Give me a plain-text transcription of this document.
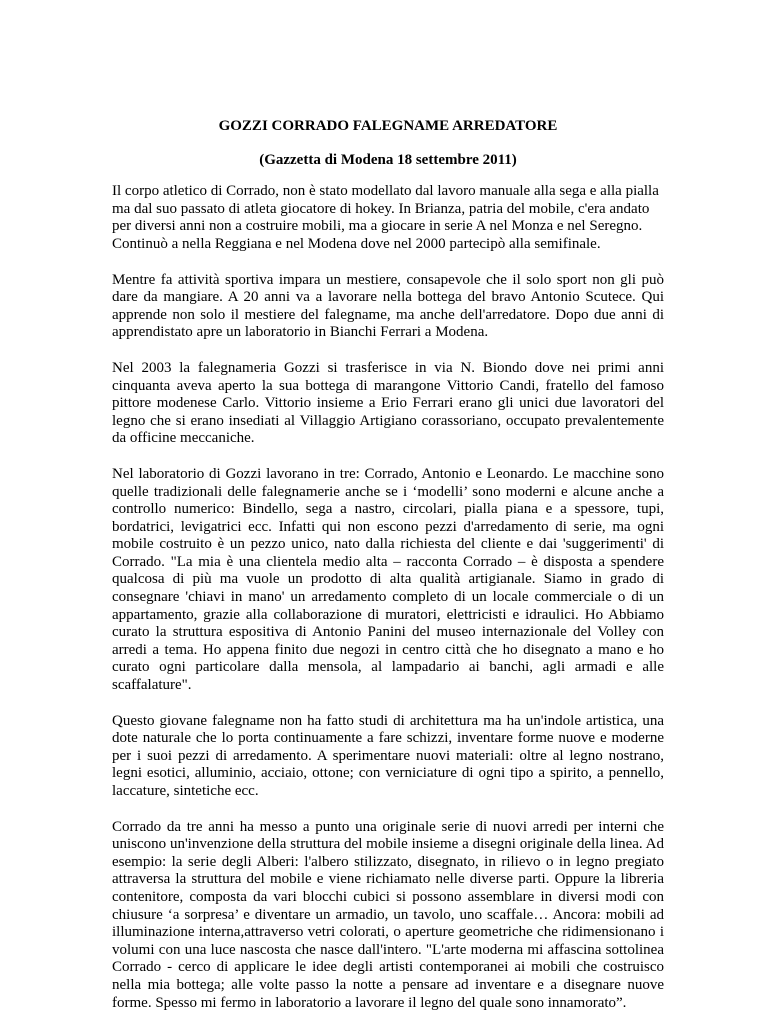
GOZZI CORRADO FALEGNAME ARREDATORE
(Gazzetta di Modena 18 settembre 2011)

Il corpo atletico di Corrado, non è stato modellato dal lavoro manuale alla sega e alla pialla ma dal suo passato di atleta giocatore di hokey. In Brianza, patria del mobile, c'era andato per diversi anni non a costruire mobili, ma a giocare in serie A nel Monza e nel Seregno. Continuò a nella Reggiana e nel Modena dove nel 2000 partecipò alla semifinale.

Mentre fa attività sportiva impara un mestiere, consapevole che il solo sport non gli può dare da mangiare. A 20 anni va a lavorare nella bottega del bravo Antonio Scutece. Qui apprende non solo il mestiere del falegname, ma anche dell'arredatore. Dopo due anni di apprendistato apre un laboratorio in Bianchi Ferrari a Modena.

Nel 2003 la falegnameria Gozzi si trasferisce in via N. Biondo dove nei primi anni cinquanta aveva aperto la sua bottega di marangone Vittorio Candi, fratello del famoso pittore modenese Carlo. Vittorio insieme a Erio Ferrari erano gli unici due lavoratori del legno che si erano insediati al Villaggio Artigiano corassoriano, occupato prevalentemente da officine meccaniche.

Nel laboratorio di Gozzi lavorano in tre: Corrado, Antonio e Leonardo. Le macchine sono quelle tradizionali delle falegnamerie anche se i ‘modelli’ sono moderni e alcune anche a controllo numerico: Bindello, sega a nastro, circolari, pialla piana e a spessore, tupi, bordatrici, levigatrici ecc. Infatti qui non escono pezzi d'arredamento di serie, ma ogni mobile costruito è un pezzo unico, nato dalla richiesta del cliente e dai 'suggerimenti' di Corrado. "La mia è una clientela medio alta – racconta Corrado – è disposta a spendere qualcosa di più ma vuole un prodotto di alta qualità artigianale. Siamo in grado di consegnare 'chiavi in mano' un arredamento completo di un locale commerciale o di un appartamento, grazie alla collaborazione di muratori, elettricisti e idraulici. Ho Abbiamo curato la struttura espositiva di Antonio Panini del museo internazionale del Volley con arredi a tema. Ho appena finito due negozi in centro città che ho disegnato a mano e ho curato ogni particolare dalla mensola, al lampadario ai banchi, agli armadi e alle scaffalature".

Questo giovane falegname non ha fatto studi di architettura ma ha un'indole artistica, una dote naturale che lo porta continuamente a fare schizzi, inventare forme nuove e moderne per i suoi pezzi di arredamento. A sperimentare nuovi materiali: oltre al legno nostrano, legni esotici, alluminio, acciaio, ottone; con verniciature di ogni tipo a spirito, a pennello, laccature, sintetiche ecc.

Corrado da tre anni ha messo a punto una originale serie di nuovi arredi per interni che uniscono un'invenzione della struttura del mobile insieme a disegni originale della linea. Ad esempio: la serie degli Alberi: l'albero stilizzato, disegnato, in rilievo o in legno pregiato attraversa la struttura del mobile e viene richiamato nelle diverse parti. Oppure la libreria contenitore, composta da vari blocchi cubici si possono assemblare in diversi modi con chiusure ‘a sorpresa’ e diventare un armadio, un tavolo, uno scaffale… Ancora: mobili ad illuminazione interna,attraverso vetri colorati, o aperture geometriche che ridimensionano i volumi con una luce nascosta che nasce dall'intero. "L'arte moderna mi affascina sottolinea Corrado - cerco di applicare le idee degli artisti contemporanei ai mobili che costruisco nella mia bottega; alle volte passo la notte a pensare ad inventare e a disegnare nuove forme. Spesso mi fermo in laboratorio a lavorare il legno del quale sono innamorato”.
